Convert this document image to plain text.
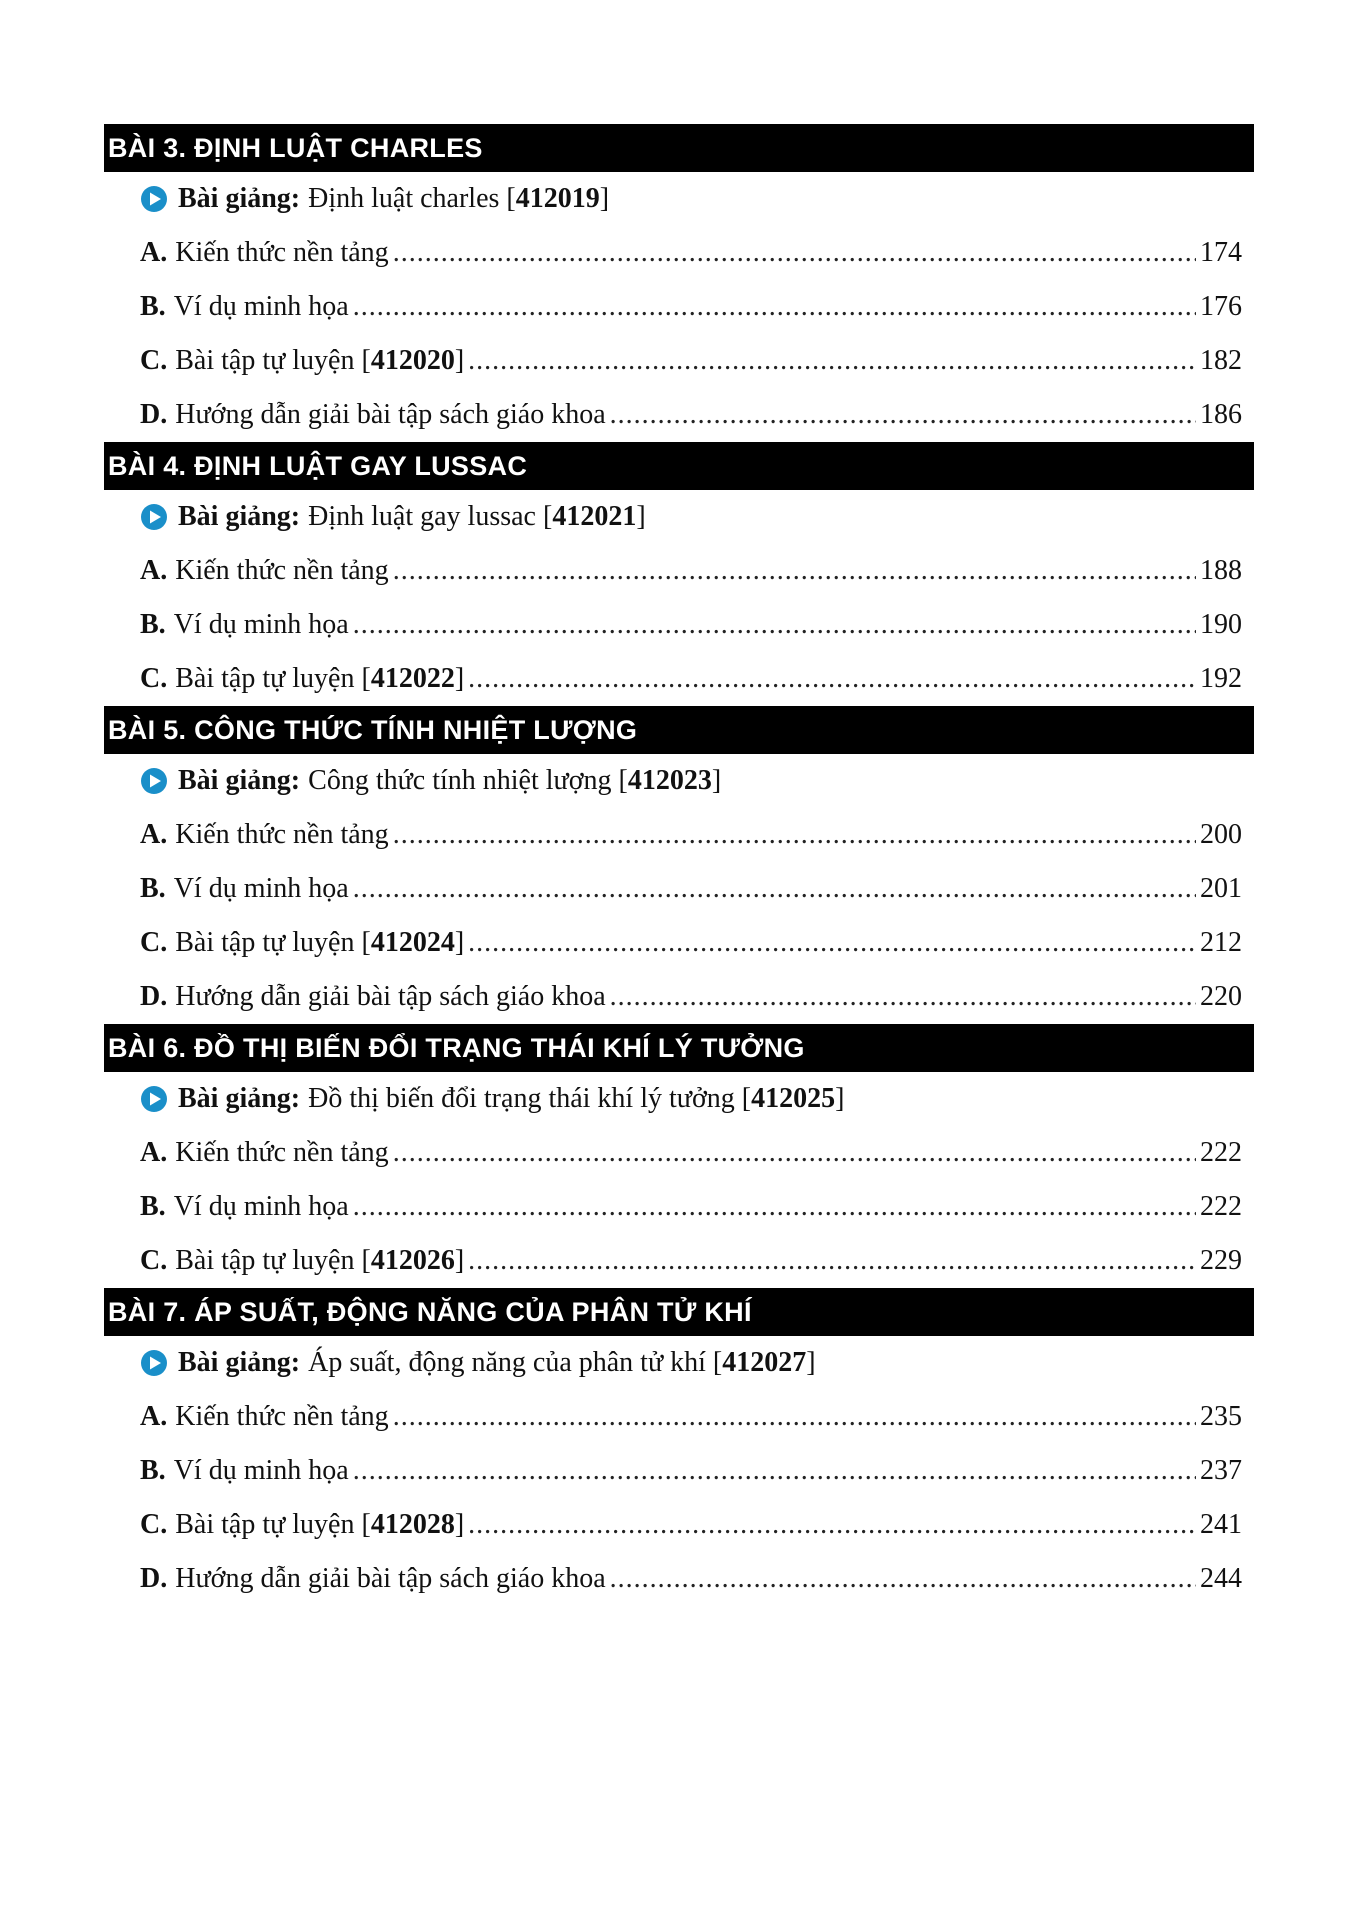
BÀI 3. ĐỊNH LUẬT CHARLES
Bài giảng: Định luật charles [412019]
A. Kiến thức nền tảng .....	174
B. Ví dụ minh họa .....	176
C. Bài tập tự luyện [412020] .....	182
D. Hướng dẫn giải bài tập sách giáo khoa .....	186
BÀI 4. ĐỊNH LUẬT GAY LUSSAC
Bài giảng: Định luật gay lussac [412021]
A. Kiến thức nền tảng .....	188
B. Ví dụ minh họa .....	190
C. Bài tập tự luyện [412022] .....	192
BÀI 5. CÔNG THỨC TÍNH NHIỆT LƯỢNG
Bài giảng: Công thức tính nhiệt lượng [412023]
A. Kiến thức nền tảng .....	200
B. Ví dụ minh họa .....	201
C. Bài tập tự luyện [412024] .....	212
D. Hướng dẫn giải bài tập sách giáo khoa .....	220
BÀI 6. ĐỒ THỊ BIẾN ĐỔI TRẠNG THÁI KHÍ LÝ TƯỞNG
Bài giảng: Đồ thị biến đổi trạng thái khí lý tưởng [412025]
A. Kiến thức nền tảng .....	222
B. Ví dụ minh họa .....	222
C. Bài tập tự luyện [412026] .....	229
BÀI 7. ÁP SUẤT, ĐỘNG NĂNG CỦA PHÂN TỬ KHÍ
Bài giảng: Áp suất, động năng của phân tử khí [412027]
A. Kiến thức nền tảng .....	235
B. Ví dụ minh họa .....	237
C. Bài tập tự luyện [412028] .....	241
D. Hướng dẫn giải bài tập sách giáo khoa .....	244
